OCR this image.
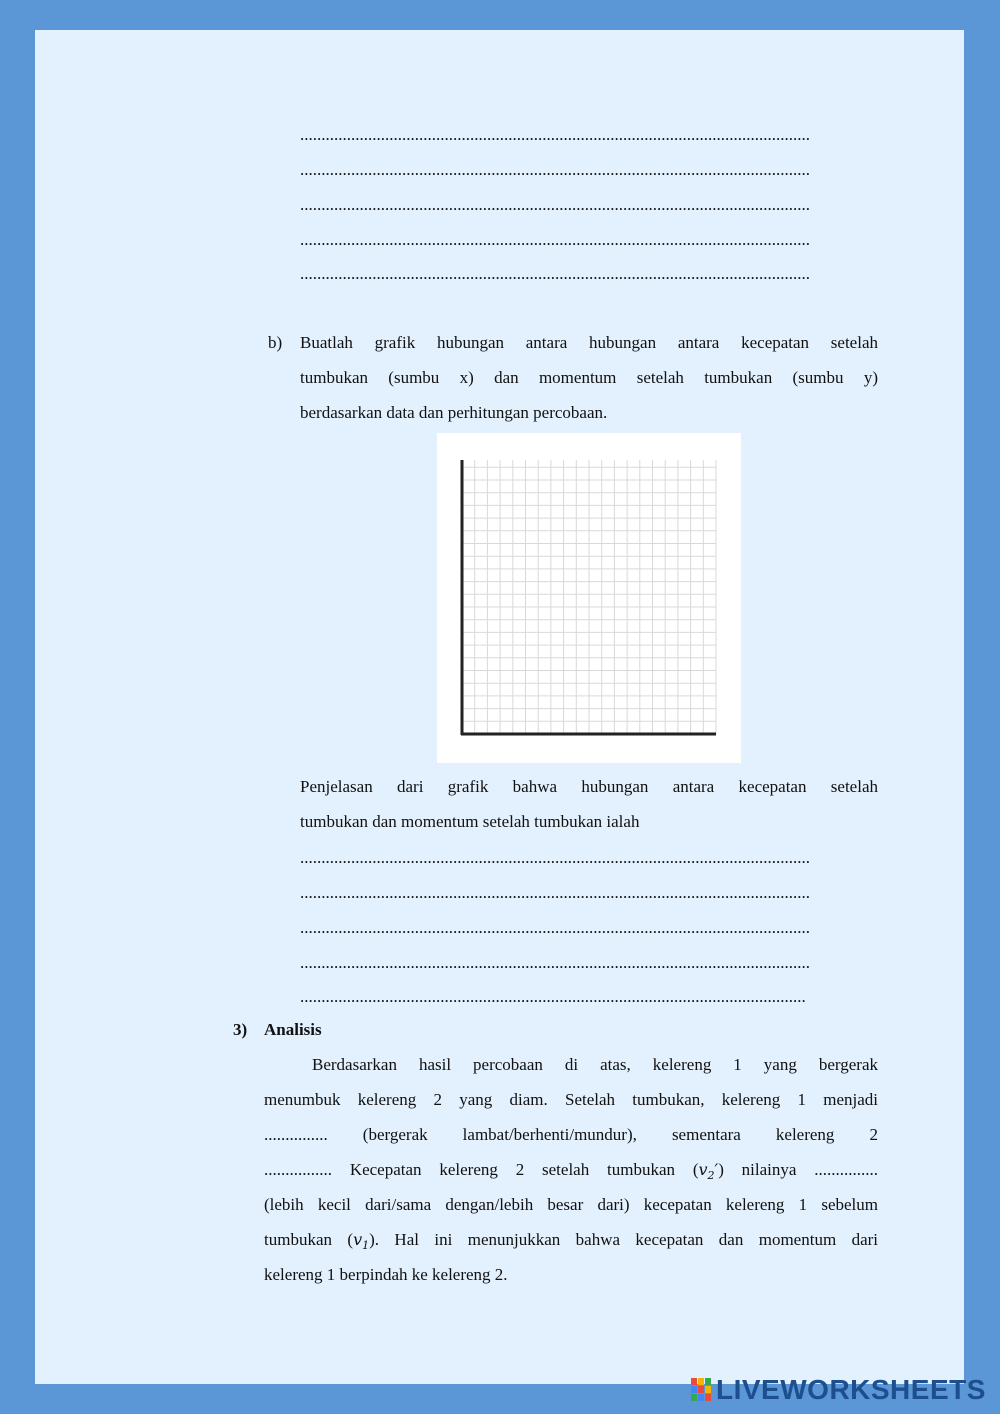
........................................................................................................................
........................................................................................................................
........................................................................................................................
........................................................................................................................
........................................................................................................................
b) Buatlah grafik hubungan antara hubungan antara kecepatan setelah
tumbukan (sumbu x) dan momentum setelah tumbukan (sumbu y)
berdasarkan data dan perhitungan percobaan.
Penjelasan dari grafik bahwa hubungan antara kecepatan setelah
tumbukan dan momentum setelah tumbukan ialah
........................................................................................................................
........................................................................................................................
........................................................................................................................
........................................................................................................................
.......................................................................................................................
3) Analisis
Berdasarkan hasil percobaan di atas, kelereng 1 yang bergerak
menumbuk kelereng 2 yang diam. Setelah tumbukan, kelereng 1 menjadi
............... (bergerak lambat/berhenti/mundur), sementara kelereng 2
................ Kecepatan kelereng 2 setelah tumbukan $(v_2')$ nilainya ...............
(lebih kecil dari/sama dengan/lebih besar dari) kecepatan kelereng 1 sebelum
tumbukan $(v_1)$. Hal ini menunjukkan bahwa kecepatan dan momentum dari
kelereng 1 berpindah ke kelereng 2.
LIVEWORKSHEETS
